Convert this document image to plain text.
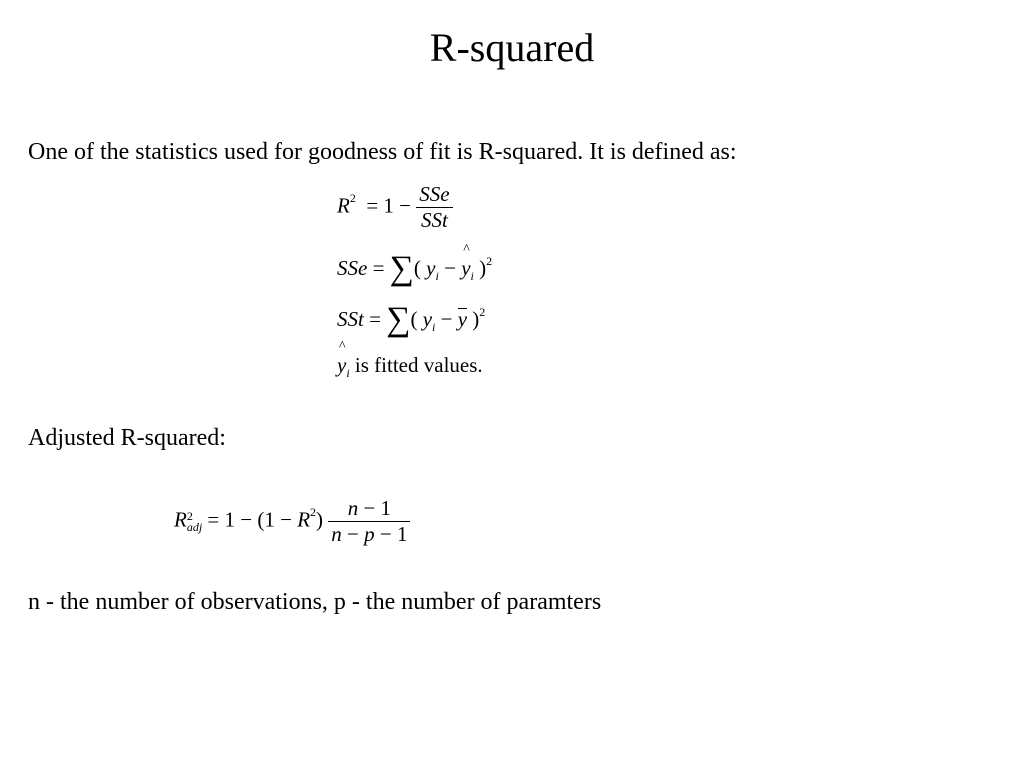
R-squared
One of the statistics used for goodness of fit is R-squared. It is defined as:
$R^2 = 1 - \frac{\text{SSe}}{\text{SSt}}$
SSe = ∑( $y_i$ − ^ $y_i$ )$^2$
SSt = ∑( $y_i - y$ )$^2$
^ $y_i$ is fitted values.
Adjusted R-squared:
R 2
adj = $1 - (1 - R^2) \frac{n - 1}{n - p - 1}$
n - the number of observations, p - the number of paramters
